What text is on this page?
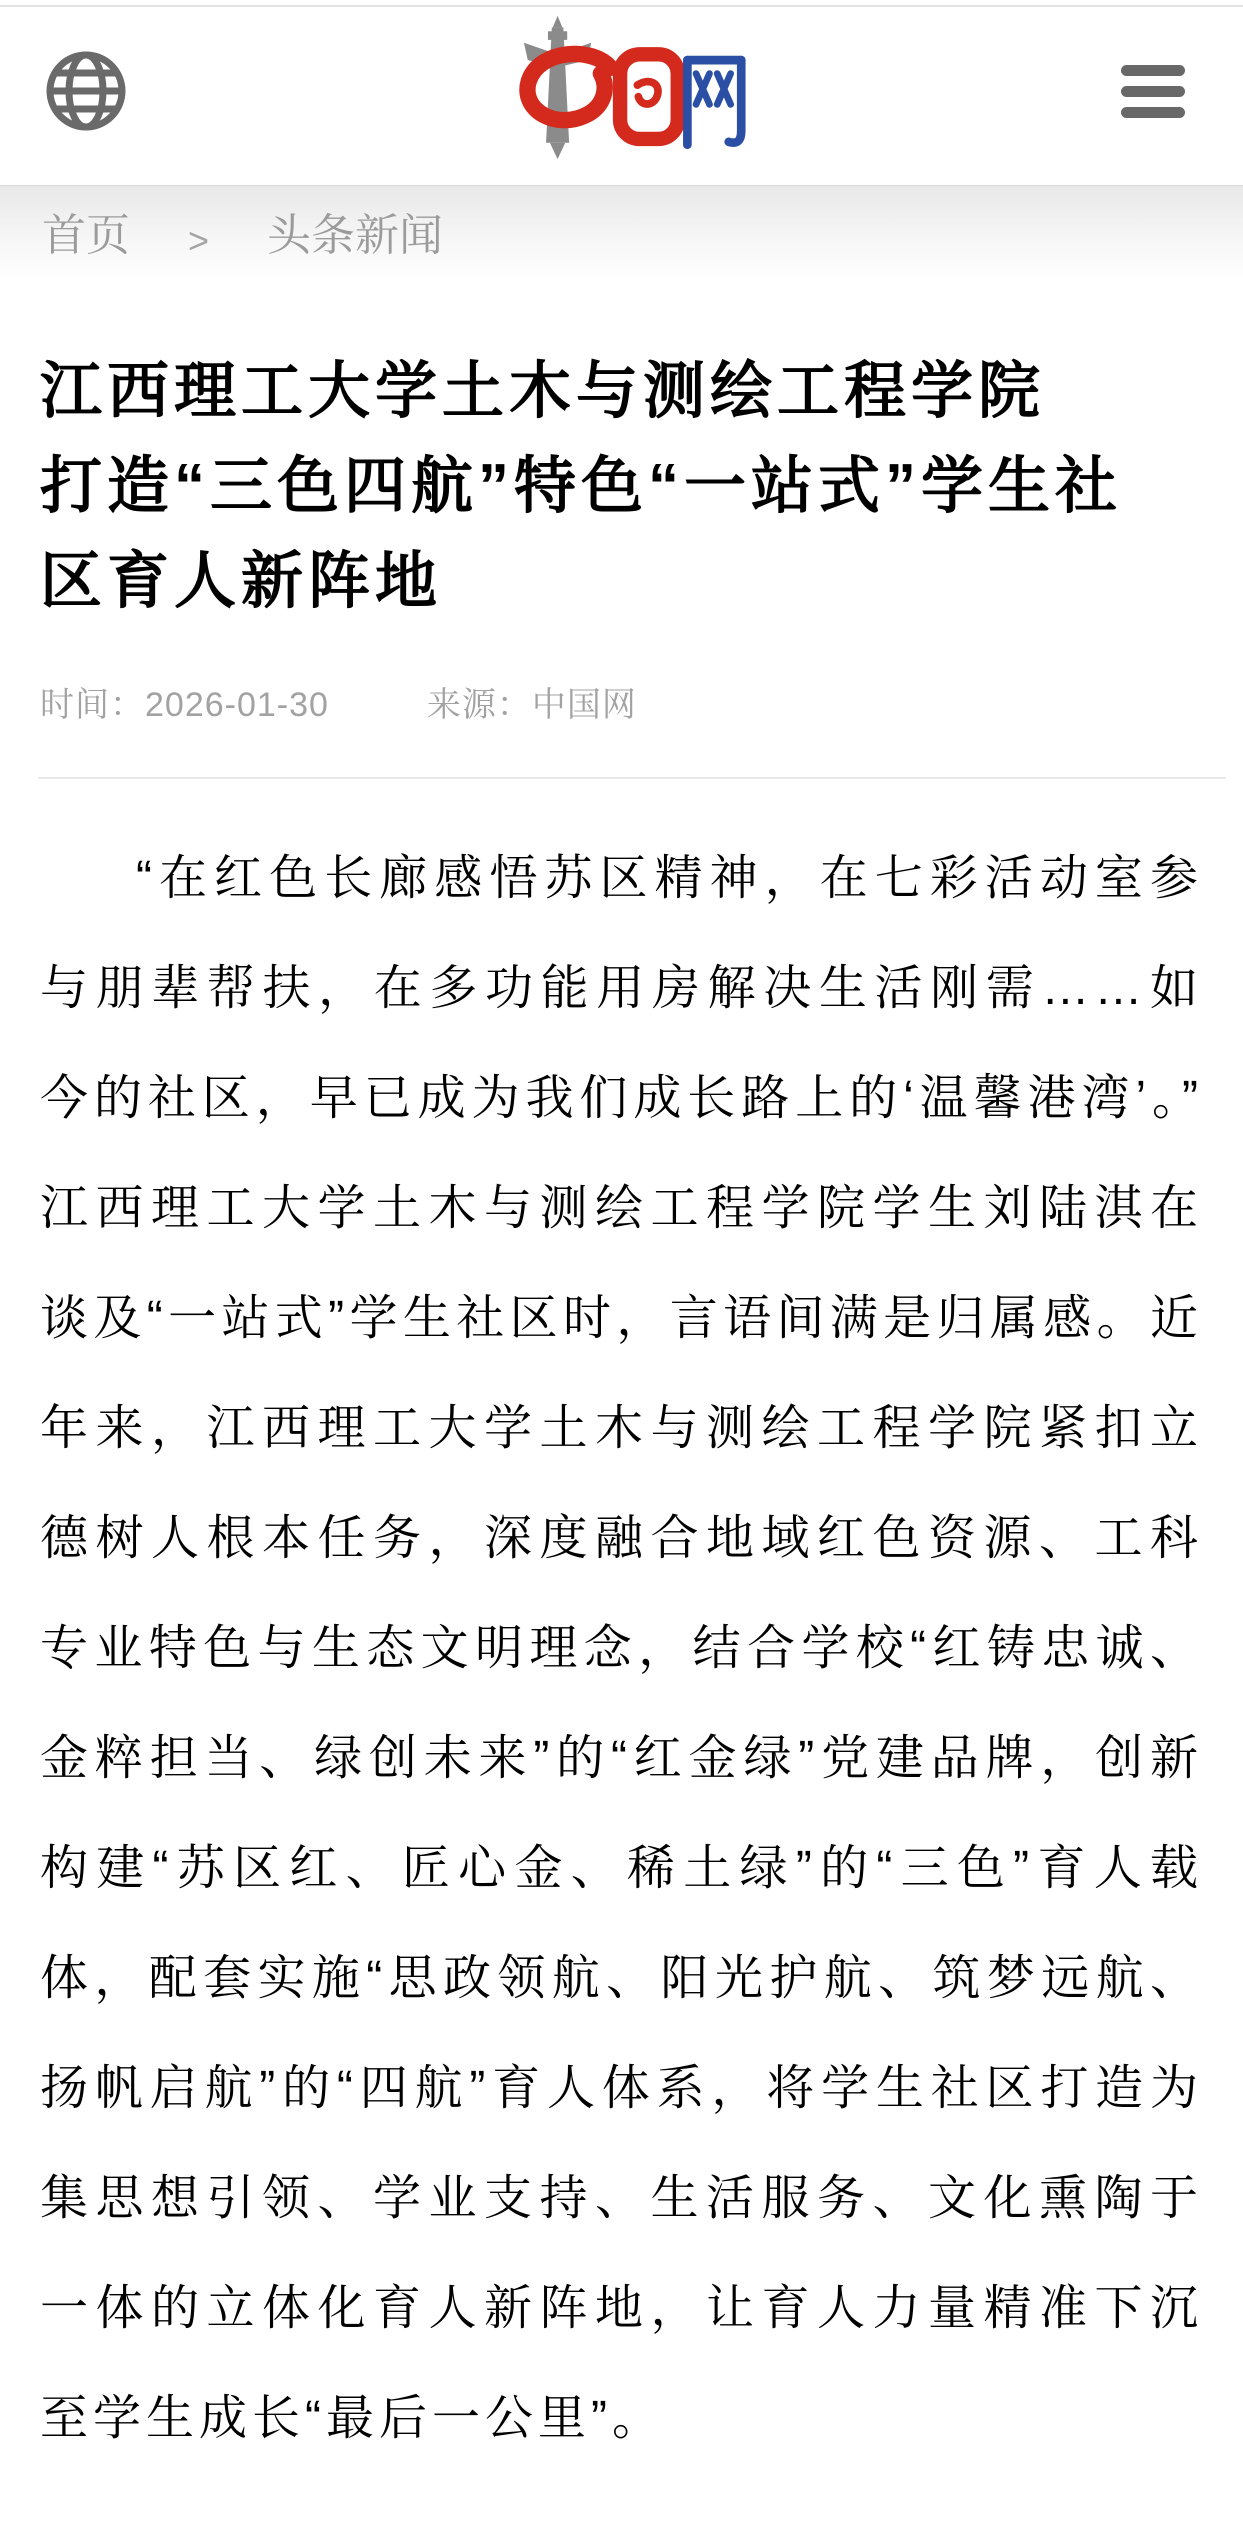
首页 > 头条新闻
江西理工大学土木与测绘工程学院
打造“三色四航”特色“一站式”学生社
区育人新阵地
时间：2026-01-30	来源：中国网

“在红色长廊感悟苏区精神，在七彩活动室参与朋辈帮扶，在多功能用房解决生活刚需……如今的社区，早已成为我们成长路上的‘温馨港湾’。”江西理工大学土木与测绘工程学院学生刘陆淇在谈及“一站式”学生社区时，言语间满是归属感。近年来，江西理工大学土木与测绘工程学院紧扣立德树人根本任务，深度融合地域红色资源、工科专业特色与生态文明理念，结合学校“红铸忠诚、金粹担当、绿创未来”的“红金绿”党建品牌，创新构建“苏区红、匠心金、稀土绿”的“三色”育人载体，配套实施“思政领航、阳光护航、筑梦远航、扬帆启航”的“四航”育人体系，将学生社区打造为集思想引领、学业支持、生活服务、文化熏陶于一体的立体化育人新阵地，让育人力量精准下沉至学生成长“最后一公里”。
